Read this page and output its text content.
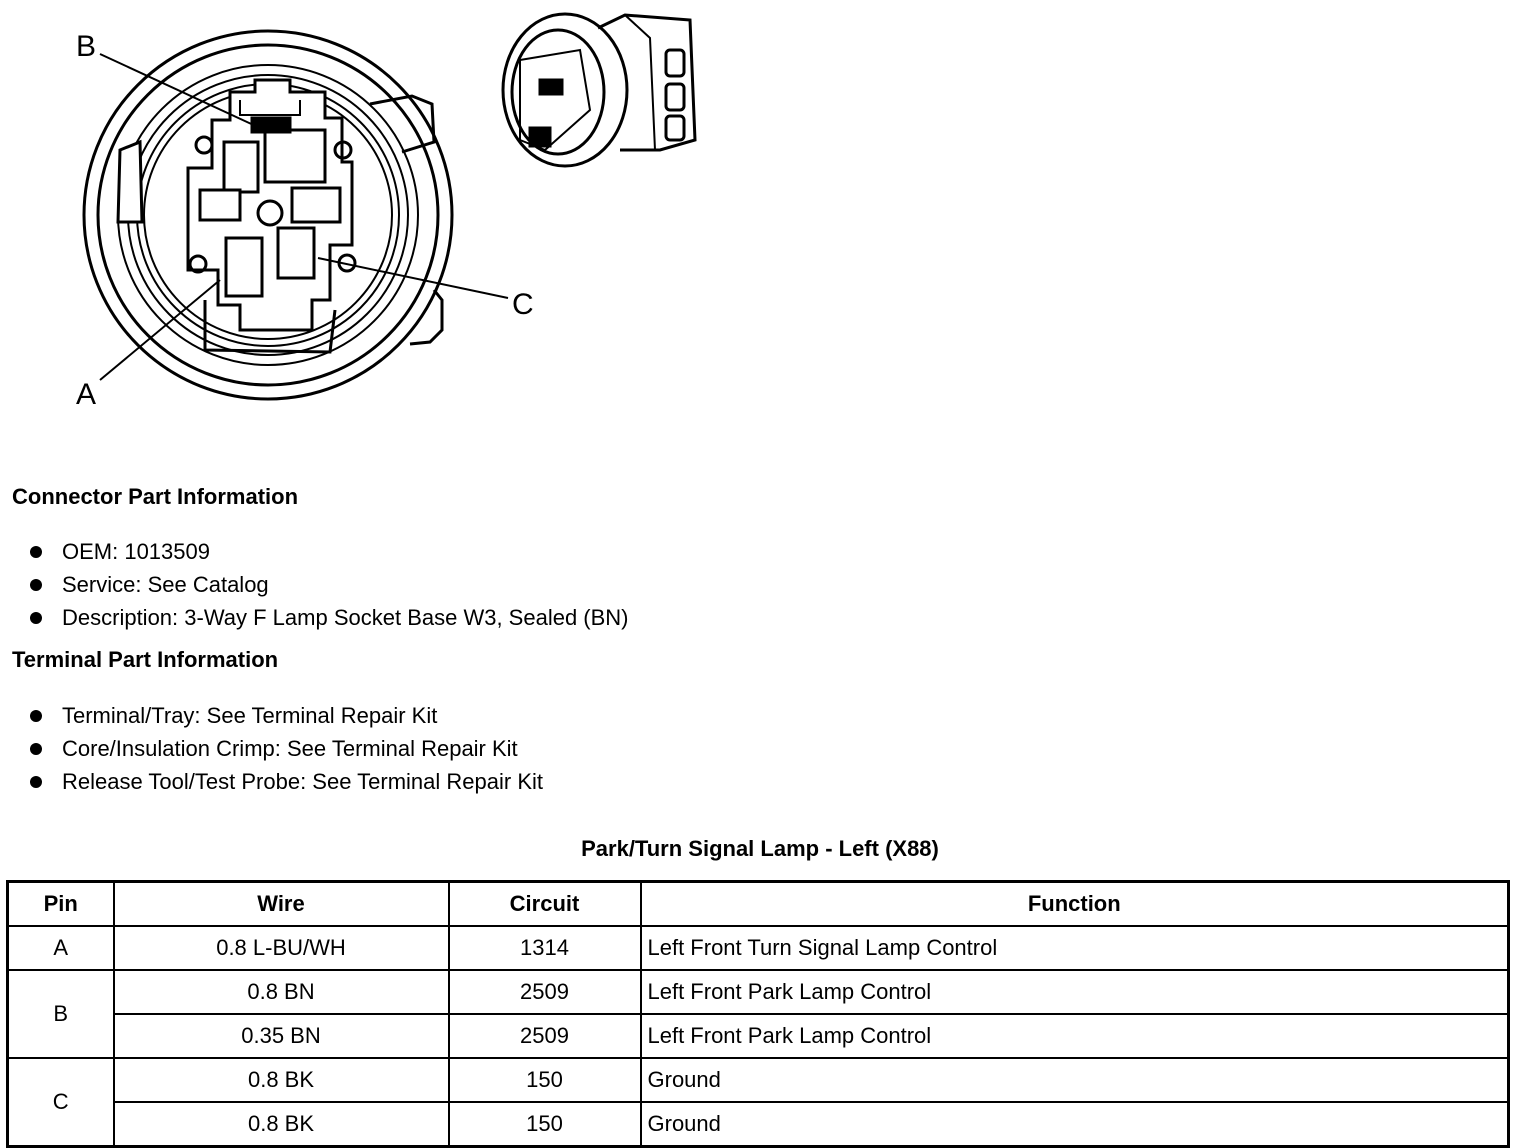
B
A
C
Connector Part Information
OEM: 1013509
Service: See Catalog
Description: 3-Way F Lamp Socket Base W3, Sealed (BN)
Terminal Part Information
Terminal/Tray: See Terminal Repair Kit
Core/Insulation Crimp: See Terminal Repair Kit
Release Tool/Test Probe: See Terminal Repair Kit
Park/Turn Signal Lamp - Left (X88)
Pin	Wire	Circuit	Function
A	0.8 L-BU/WH	1314	Left Front Turn Signal Lamp Control
B	0.8 BN	2509	Left Front Park Lamp Control
	0.35 BN	2509	Left Front Park Lamp Control
C	0.8 BK	150	Ground
	0.8 BK	150	Ground
